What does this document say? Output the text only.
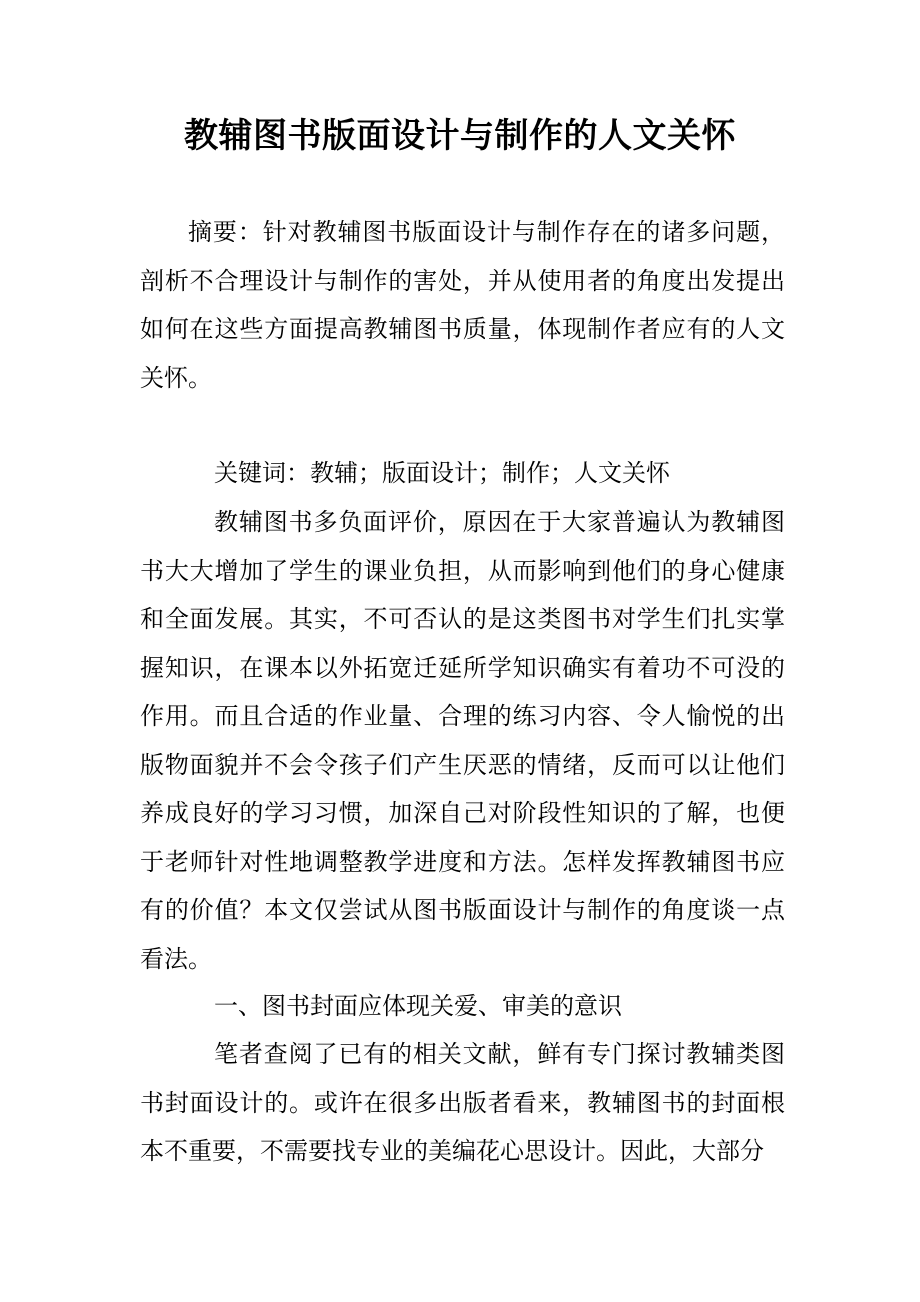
教辅图书版面设计与制作的人文关怀

摘要：针对教辅图书版面设计与制作存在的诸多问题，剖析不合理设计与制作的害处，并从使用者的角度出发提出如何在这些方面提高教辅图书质量，体现制作者应有的人文关怀。

关键词：教辅；版面设计；制作；人文关怀

教辅图书多负面评价，原因在于大家普遍认为教辅图书大大增加了学生的课业负担，从而影响到他们的身心健康和全面发展。其实，不可否认的是这类图书对学生们扎实掌握知识，在课本以外拓宽迁延所学知识确实有着功不可没的作用。而且合适的作业量、合理的练习内容、令人愉悦的出版物面貌并不会令孩子们产生厌恶的情绪，反而可以让他们养成良好的学习习惯，加深自己对阶段性知识的了解，也便于老师针对性地调整教学进度和方法。怎样发挥教辅图书应有的价值？本文仅尝试从图书版面设计与制作的角度谈一点看法。

一、图书封面应体现关爱、审美的意识

笔者查阅了已有的相关文献，鲜有专门探讨教辅类图书封面设计的。或许在很多出版者看来，教辅图书的封面根本不重要，不需要找专业的美编花心思设计。因此，大部分
